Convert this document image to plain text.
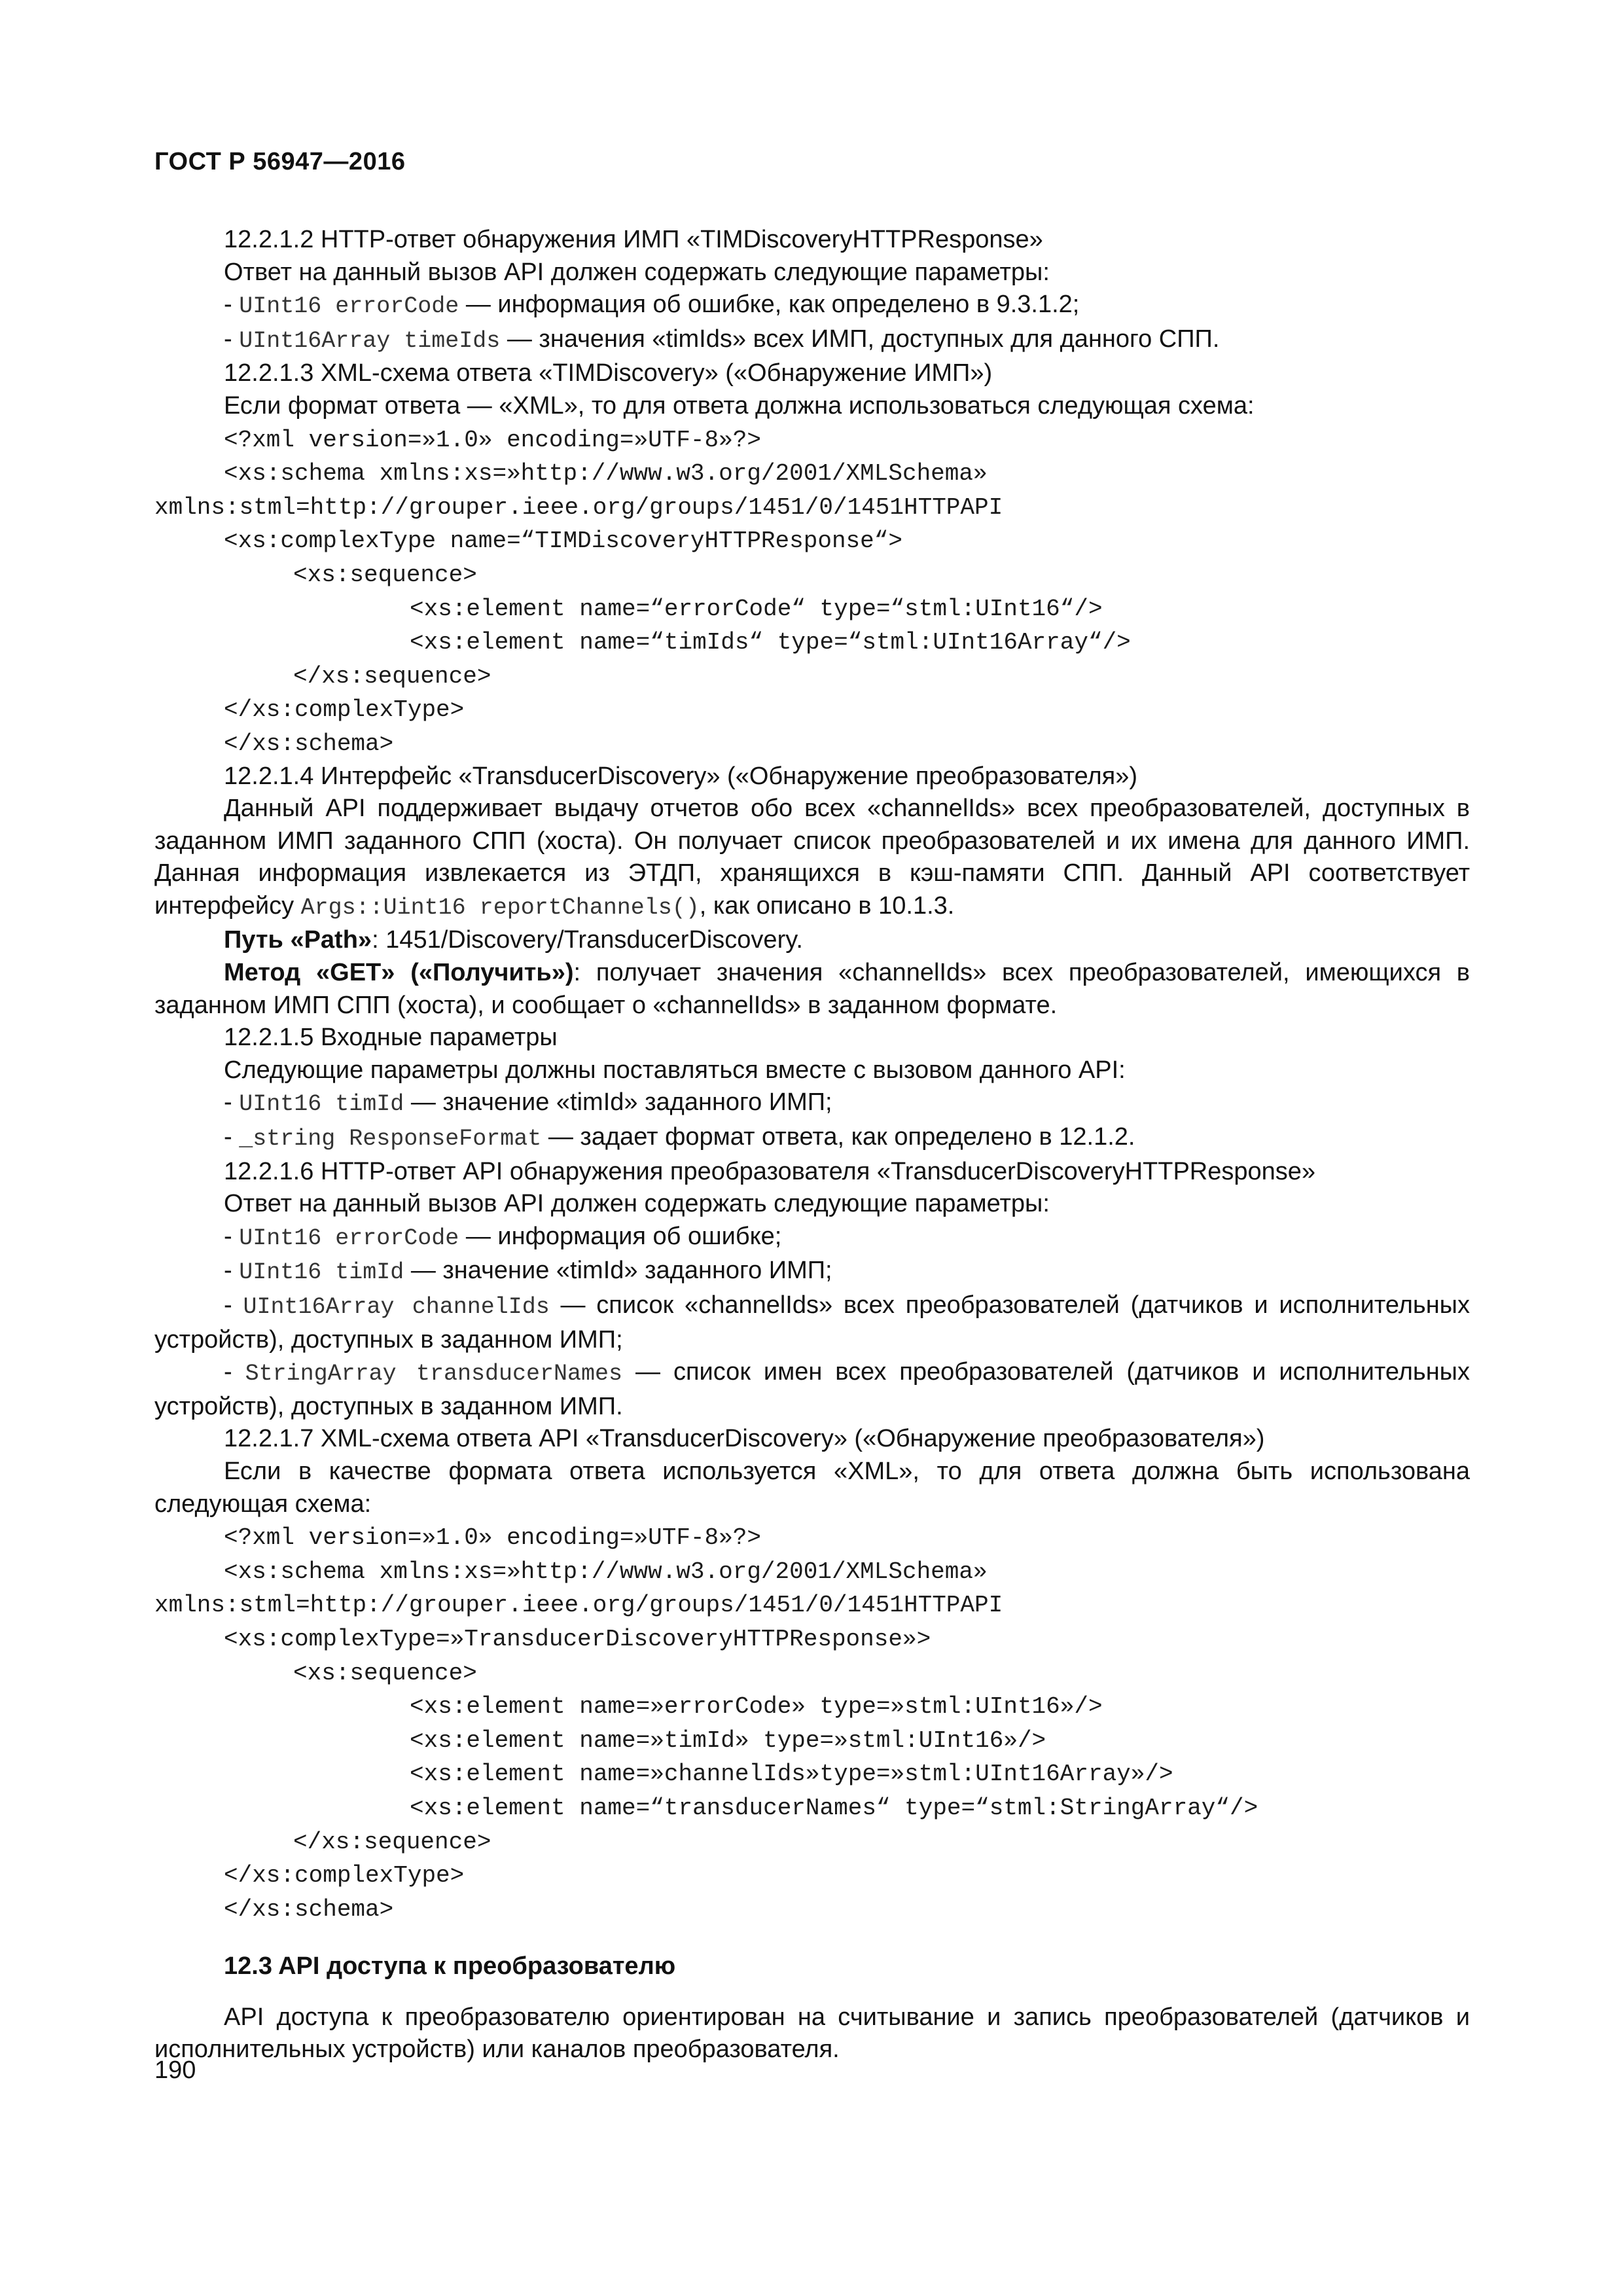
ГОСТ Р 56947—2016

12.2.1.2 HTTP-ответ обнаружения ИМП «TIMDiscoveryHTTPResponse»

Ответ на данный вызов API должен содержать следующие параметры:

- UInt16 errorCode — информация об ошибке, как определено в 9.3.1.2;

- UInt16Array timeIds — значения «timIds» всех ИМП, доступных для данного СПП.

12.2.1.3 XML-схема ответа «TIMDiscovery» («Обнаружение ИМП»)

Если формат ответа — «XML», то для ответа должна использоваться следующая схема:

<?xml version=»1.0» encoding=»UTF-8»?>
<xs:schema xmlns:xs=»http://www.w3.org/2001/XMLSchema»
xmlns:stml=http://grouper.ieee.org/groups/1451/0/1451HTTPAPI
<xs:complexType name=“TIMDiscoveryHTTPResponse“>
<xs:sequence>
<xs:element name=“errorCode“ type=“stml:UInt16“/>
<xs:element name=“timIds“ type=“stml:UInt16Array“/>
</xs:sequence>
</xs:complexType>
</xs:schema>

12.2.1.4 Интерфейс «TransducerDiscovery» («Обнаружение преобразователя»)

Данный API поддерживает выдачу отчетов обо всех «channelIds» всех преобразователей, доступных в заданном ИМП заданного СПП (хоста). Он получает список преобразователей и их имена для данного ИМП. Данная информация извлекается из ЭТДП, хранящихся в кэш-памяти СПП. Данный API соответствует интерфейсу Args::Uint16 reportChannels(), как описано в 10.1.3.

Путь «Path»: 1451/Discovery/TransducerDiscovery.

Метод «GET» («Получить»): получает значения «channelIds» всех преобразователей, имеющихся в заданном ИМП СПП (хоста), и сообщает о «channelIds» в заданном формате.

12.2.1.5 Входные параметры

Следующие параметры должны поставляться вместе с вызовом данного API:

- UInt16 timId — значение «timId» заданного ИМП;

- _string ResponseFormat — задает формат ответа, как определено в 12.1.2.

12.2.1.6 HTTP-ответ API обнаружения преобразователя «TransducerDiscoveryHTTPResponse»

Ответ на данный вызов API должен содержать следующие параметры:

- UInt16 errorCode — информация об ошибке;

- UInt16 timId — значение «timId» заданного ИМП;

- UInt16Array channelIds — список «channelIds» всех преобразователей (датчиков и исполнительных устройств), доступных в заданном ИМП;

- StringArray transducerNames — список имен всех преобразователей (датчиков и исполнительных устройств), доступных в заданном ИМП.

12.2.1.7 XML-схема ответа API «TransducerDiscovery» («Обнаружение преобразователя»)

Если в качестве формата ответа используется «XML», то для ответа должна быть использована следующая схема:

<?xml version=»1.0» encoding=»UTF-8»?>
<xs:schema xmlns:xs=»http://www.w3.org/2001/XMLSchema»
xmlns:stml=http://grouper.ieee.org/groups/1451/0/1451HTTPAPI
<xs:complexType=»TransducerDiscoveryHTTPResponse»>
<xs:sequence>
<xs:element name=»errorCode» type=»stml:UInt16»/>
<xs:element name=»timId» type=»stml:UInt16»/>
<xs:element name=»channelIds»type=»stml:UInt16Array»/>
<xs:element name=“transducerNames“ type=“stml:StringArray“/>
</xs:sequence>
</xs:complexType>
</xs:schema>

12.3 API доступа к преобразователю

API доступа к преобразователю ориентирован на считывание и запись преобразователей (датчиков и исполнительных устройств) или каналов преобразователя.

190
